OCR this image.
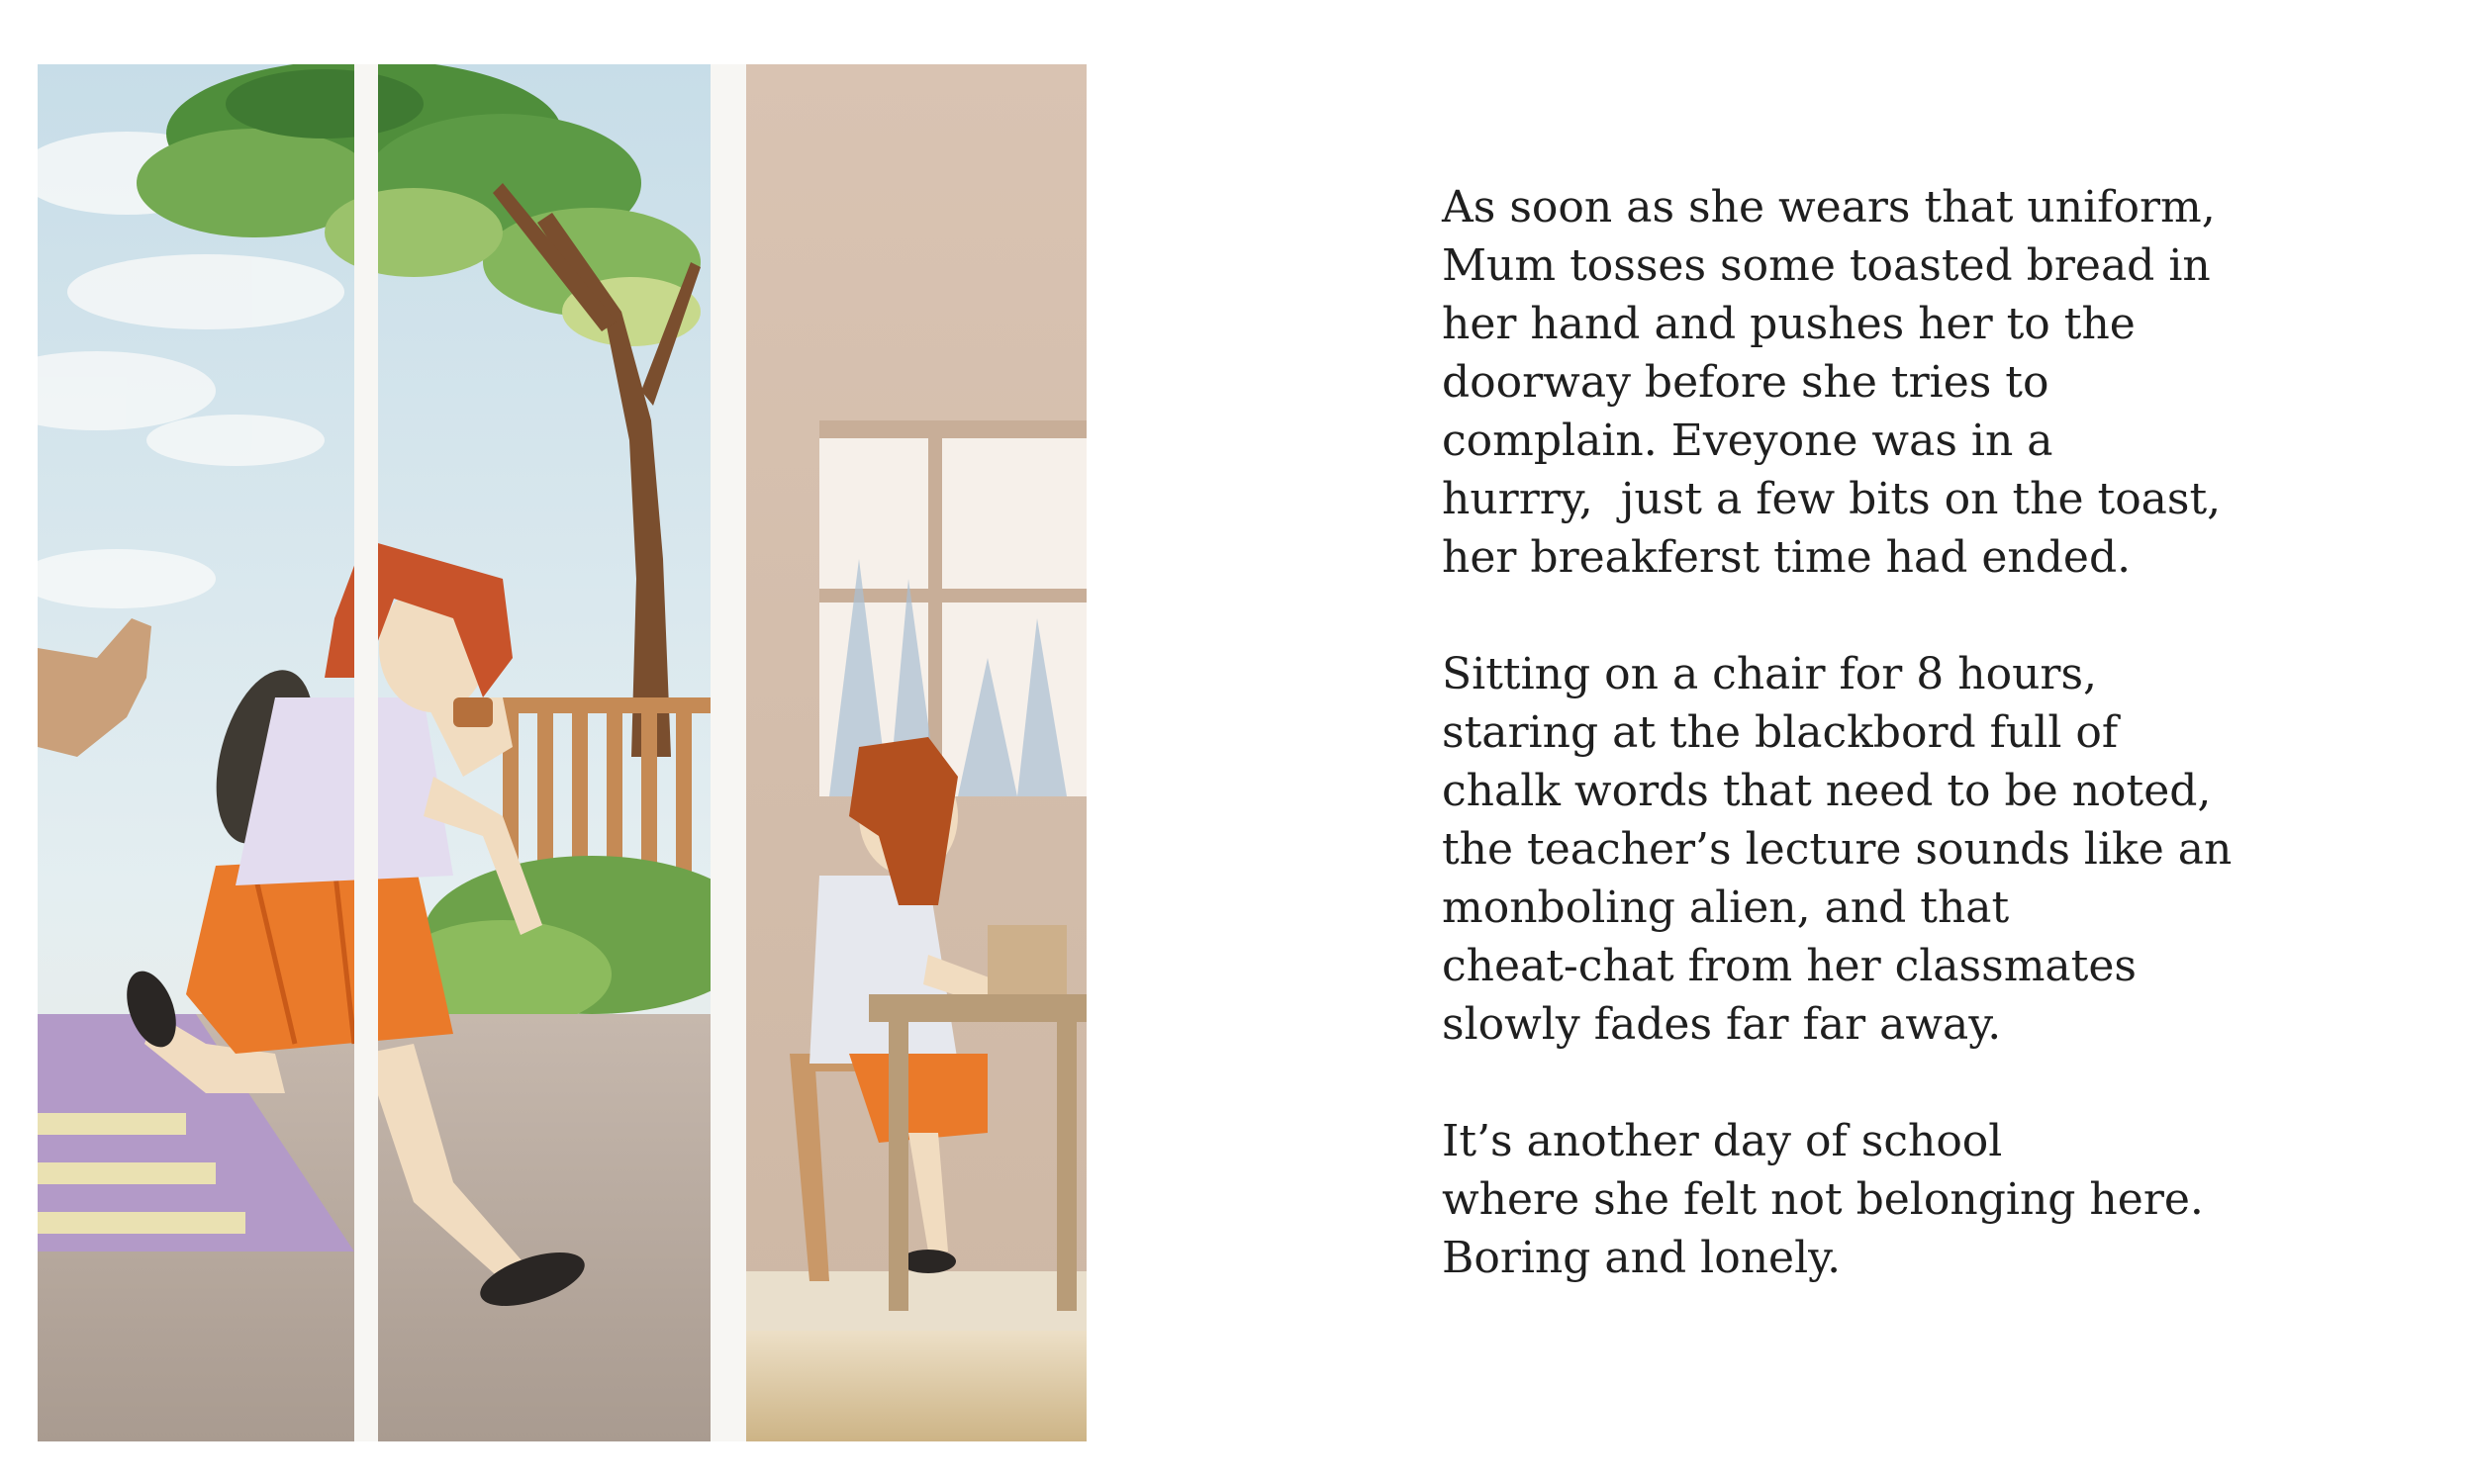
As soon as she wears that uniform,
Mum tosses some toasted bread in
her hand and pushes her to the
doorway before she tries to
complain. Eveyone was in a
hurrry,  just a few bits on the toast,
her breakferst time had ended.
Sitting on a chair for 8 hours,
staring at the blackbord full of
chalk words that need to be noted,
the teacher’s lecture sounds like an
monboling alien, and that
cheat-chat from her classmates
slowly fades far far away.
It’s another day of school
where she felt not belonging here.
Boring and lonely.
